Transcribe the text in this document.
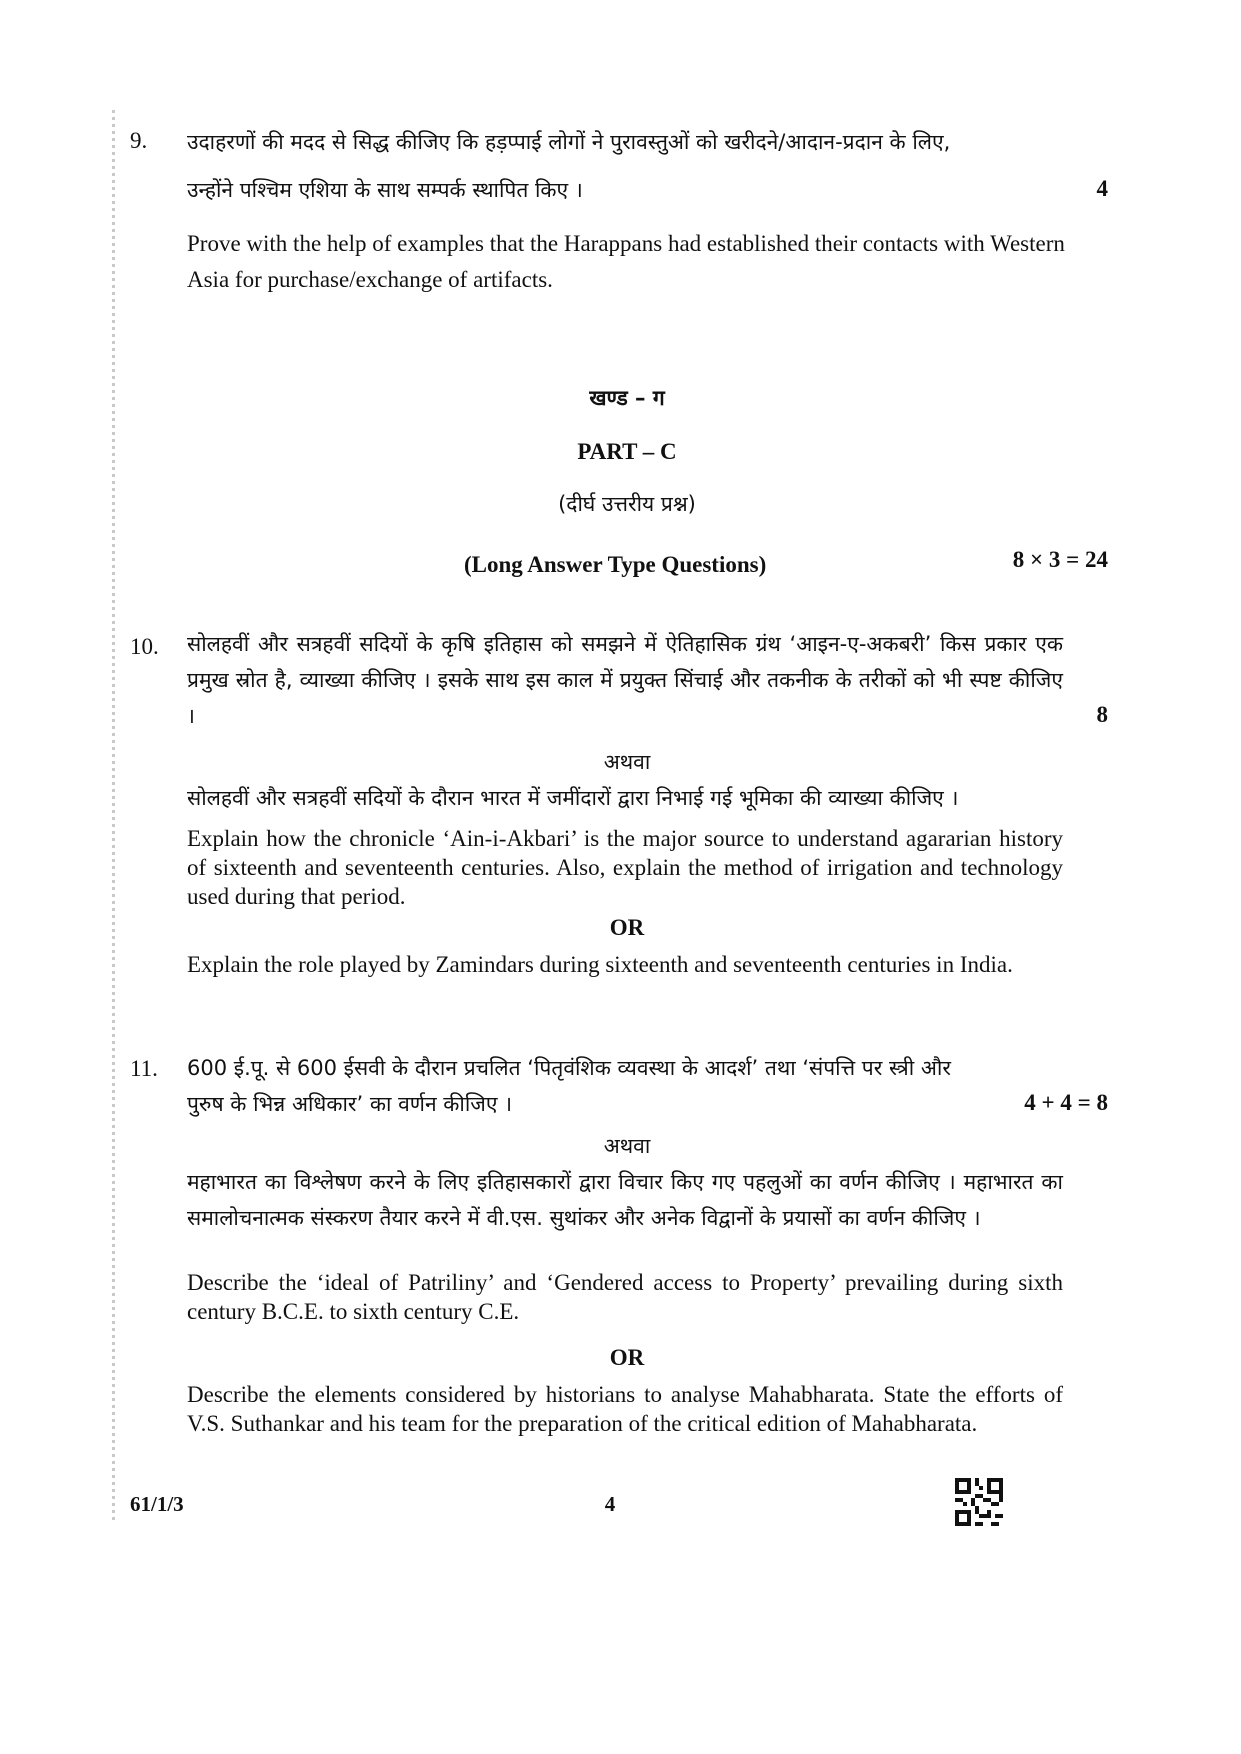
9. उदाहरणों की मदद से सिद्ध कीजिए कि हड़प्पाई लोगों ने पुरावस्तुओं को खरीदने/आदान-प्रदान के लिए,
उन्होंने पश्चिम एशिया के साथ सम्पर्क स्थापित किए ।	4
Prove with the help of examples that the Harappans had established their contacts with Western Asia for purchase/exchange of artifacts.
खण्ड – ग
PART – C
(दीर्घ उत्तरीय प्रश्न)
(Long Answer Type Questions)	8 × 3 = 24
10. सोलहवीं और सत्रहवीं सदियों के कृषि इतिहास को समझने में ऐतिहासिक ग्रंथ ‘आइन-ए-अकबरी’ किस प्रकार एक प्रमुख स्रोत है, व्याख्या कीजिए । इसके साथ इस काल में प्रयुक्त सिंचाई और तकनीक के तरीकों को भी स्पष्ट कीजिए ।	8
अथवा
सोलहवीं और सत्रहवीं सदियों के दौरान भारत में जमींदारों द्वारा निभाई गई भूमिका की व्याख्या कीजिए ।
Explain how the chronicle ‘Ain-i-Akbari’ is the major source to understand agararian history of sixteenth and seventeenth centuries. Also, explain the method of irrigation and technology used during that period.
OR
Explain the role played by Zamindars during sixteenth and seventeenth centuries in India.
11. 600 ई.पू. से 600 ईसवी के दौरान प्रचलित ‘पितृवंशिक व्यवस्था के आदर्श’ तथा ‘संपत्ति पर स्त्री और
पुरुष के भिन्न अधिकार’ का वर्णन कीजिए ।	4 + 4 = 8
अथवा
महाभारत का विश्लेषण करने के लिए इतिहासकारों द्वारा विचार किए गए पहलुओं का वर्णन कीजिए । महाभारत का समालोचनात्मक संस्करण तैयार करने में वी.एस. सुथांकर और अनेक विद्वानों के प्रयासों का वर्णन कीजिए ।
Describe the ‘ideal of Patriliny’ and ‘Gendered access to Property’ prevailing during sixth century B.C.E. to sixth century C.E.
OR
Describe the elements considered by historians to analyse Mahabharata. State the efforts of V.S. Suthankar and his team for the preparation of the critical edition of Mahabharata.
61/1/3	4
